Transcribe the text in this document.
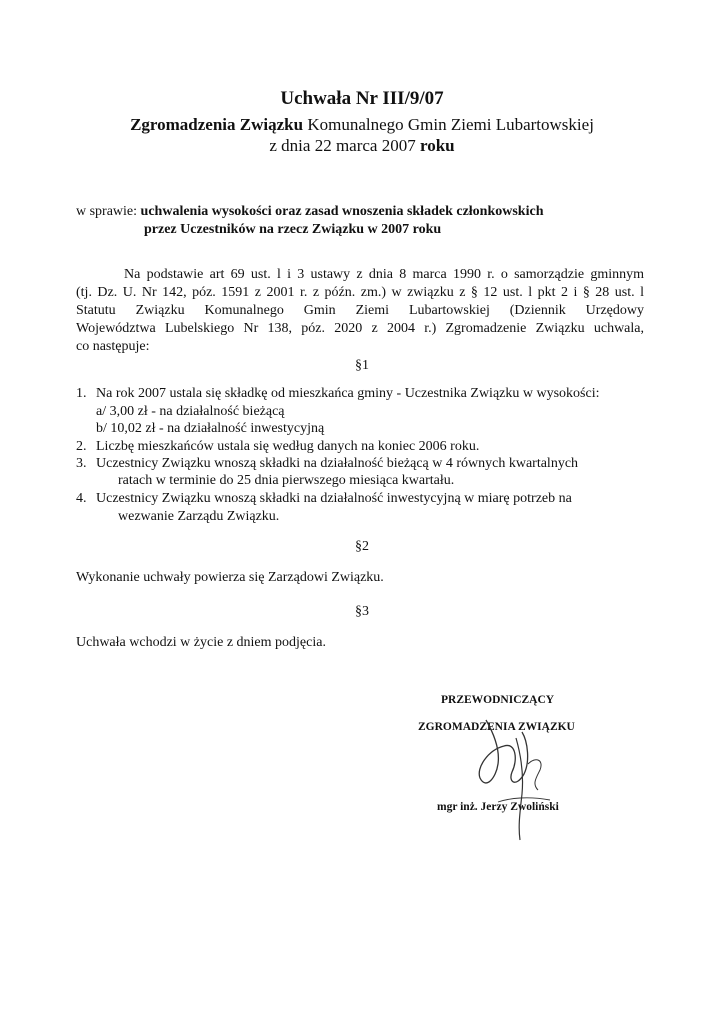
Uchwała Nr III/9/07
Zgromadzenia Związku Komunalnego Gmin Ziemi Lubartowskiej
z dnia 22 marca 2007 roku
w sprawie: uchwalenia wysokości oraz zasad wnoszenia składek członkowskich
przez Uczestników na rzecz Związku w 2007 roku
Na podstawie art 69 ust. l i 3 ustawy z dnia 8 marca 1990 r. o samorządzie gminnym
(tj. Dz. U. Nr 142, póz. 1591 z 2001 r. z późn. zm.) w związku z § 12 ust. l pkt 2 i § 28 ust. l
Statutu Związku Komunalnego Gmin Ziemi Lubartowskiej (Dziennik Urzędowy
Województwa Lubelskiego Nr 138, póz. 2020 z 2004 r.) Zgromadzenie Związku uchwala,
co następuje:
§1
1. Na rok 2007 ustala się składkę od mieszkańca gminy - Uczestnika Związku w wysokości:
a/ 3,00 zł - na działalność bieżącą
b/ 10,02 zł - na działalność inwestycyjną
2. Liczbę mieszkańców ustala się według danych na koniec 2006 roku.
3. Uczestnicy Związku wnoszą składki na działalność bieżącą w 4 równych kwartalnych
ratach w terminie do 25 dnia pierwszego miesiąca kwartału.
4. Uczestnicy Związku wnoszą składki na działalność inwestycyjną w miarę potrzeb na
wezwanie Zarządu Związku.
§2
Wykonanie uchwały powierza się Zarządowi Związku.
§3
Uchwała wchodzi w życie z dniem podjęcia.
PRZEWODNICZĄCY
ZGROMADZENIA ZWIĄZKU
mgr inż. Jerzy Zwoliński
